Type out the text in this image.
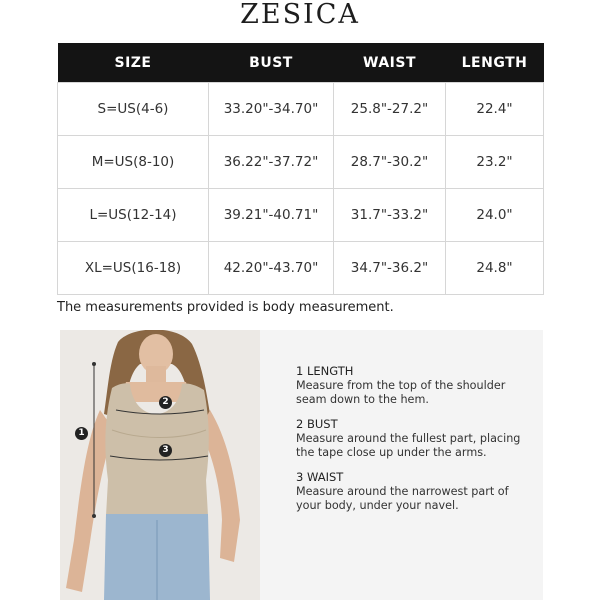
ZESICA
SIZE	BUST	WAIST	LENGTH
S=US(4-6)	33.20"-34.70"	25.8"-27.2"	22.4"
M=US(8-10)	36.22"-37.72"	28.7"-30.2"	23.2"
L=US(12-14)	39.21"-40.71"	31.7"-33.2"	24.0"
XL=US(16-18)	42.20"-43.70"	34.7"-36.2"	24.8"
The measurements provided is body measurement.
1
2
3
1 LENGTH
Measure from the top of the shoulder
seam down to the hem.
2 BUST
Measure around the fullest part, placing
the tape close up under the arms.
3 WAIST
Measure around the narrowest part of
your body, under your navel.
